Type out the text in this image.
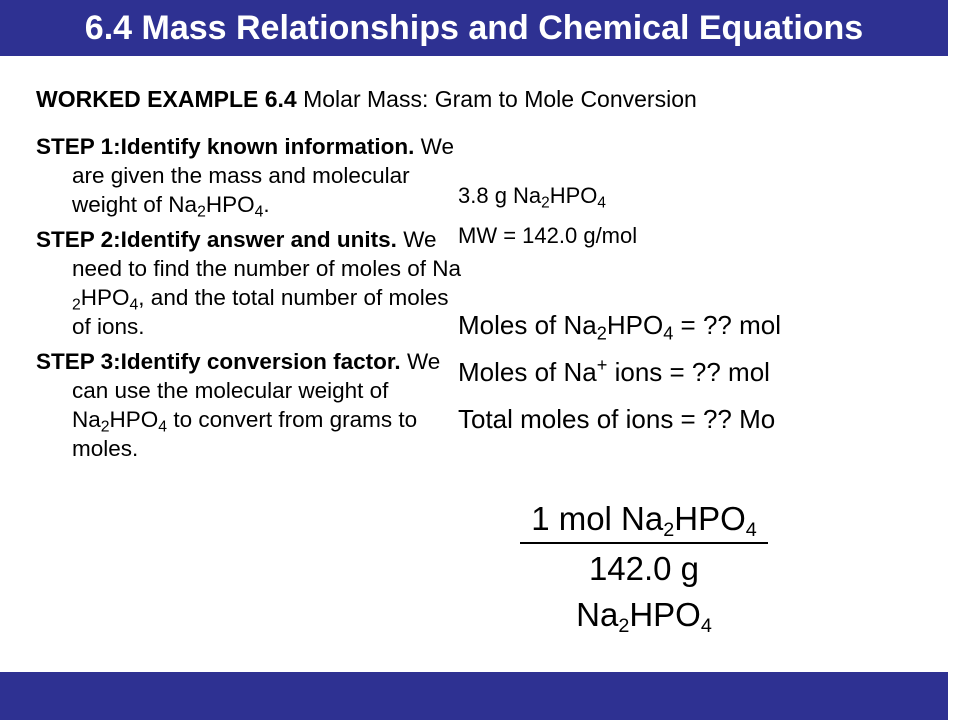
6.4 Mass Relationships and Chemical Equations
WORKED EXAMPLE 6.4 Molar Mass: Gram to Mole Conversion

STEP 1:Identify known information. We are given the mass and molecular weight of $Na_2HPO_4$.

STEP 2:Identify answer and units. We need to find the number of moles of Na
$_2HPO_4$, and the total number of moles of ions.

STEP 3:Identify conversion factor. We can use the molecular weight of $Na_2HPO_4$ to convert from grams to moles.

3.8 g $Na_2HPO_4$
MW = 142.0 g/mol
Moles of $Na_2HPO_4$ = ?? mol
Moles of Na+ ions = ?? mol
Total moles of ions = ?? Mo
1 mol $Na_2HPO_4$
142.0 g $Na_2HPO_4$
